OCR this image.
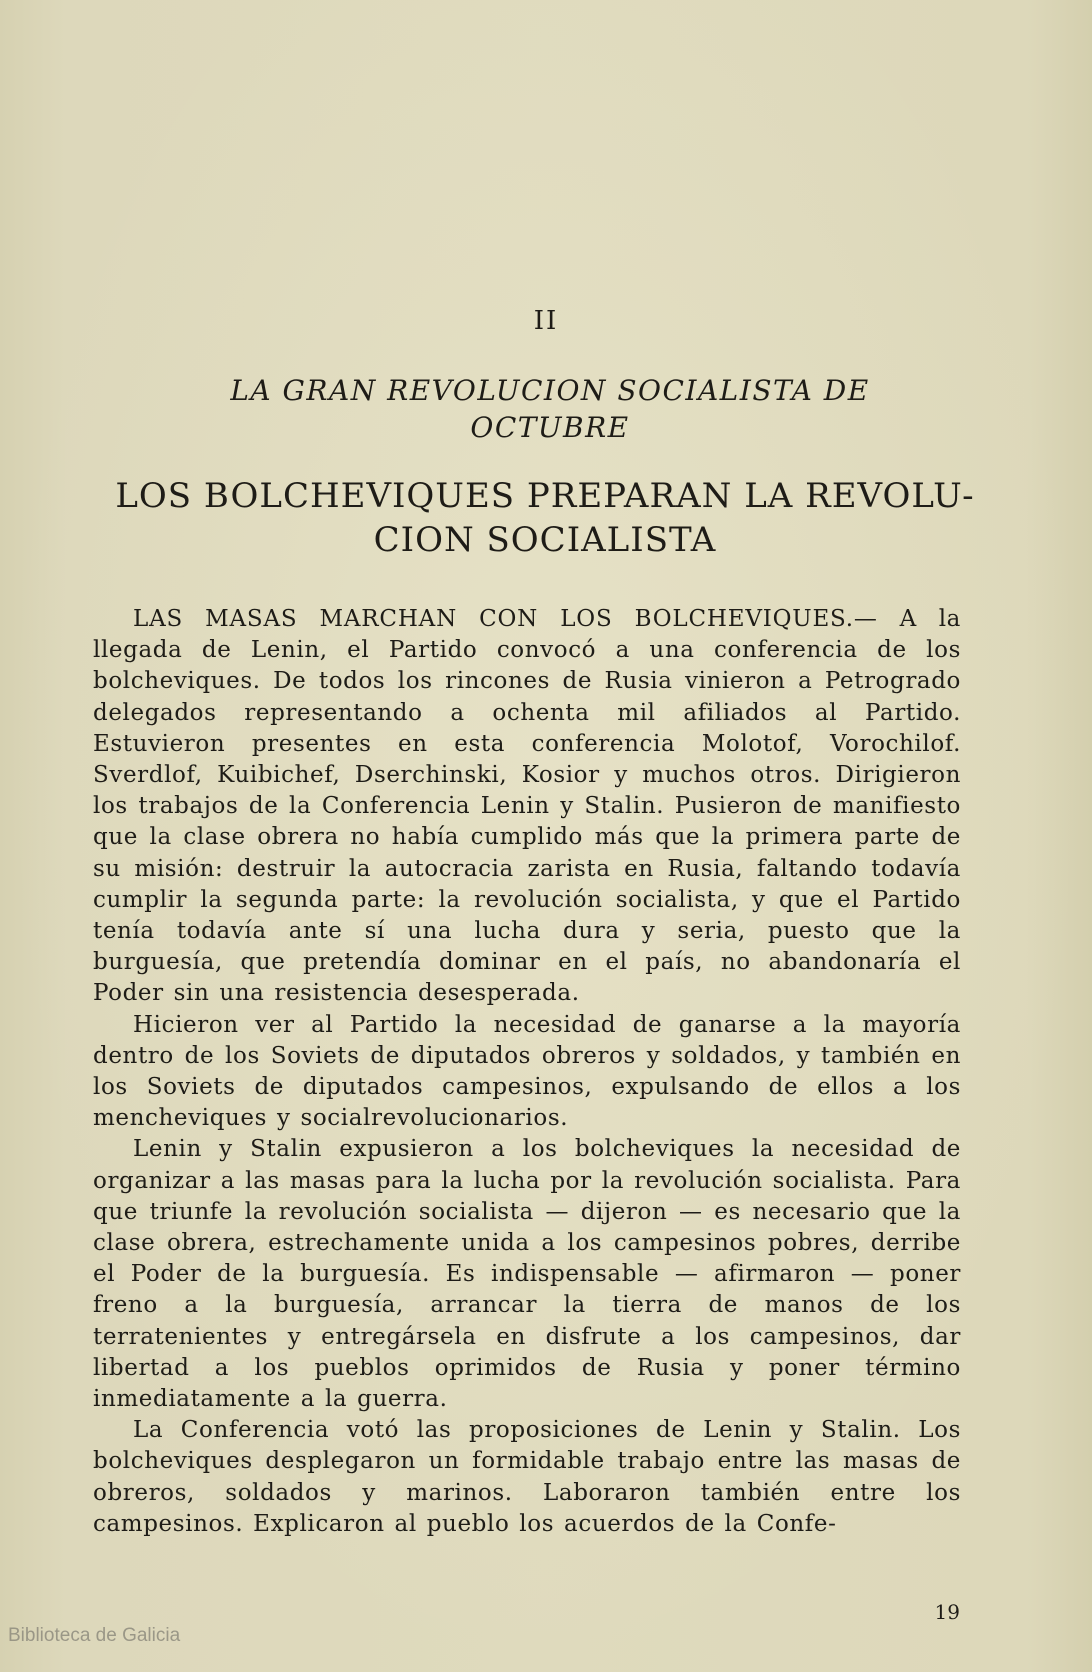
II
LA GRAN REVOLUCION SOCIALISTA DE
OCTUBRE
LOS BOLCHEVIQUES PREPARAN LA REVOLU-
CION SOCIALISTA

LAS MASAS MARCHAN CON LOS BOLCHEVIQUES.— A la llegada de Lenin, el Partido convocó a una conferencia de los bolcheviques. De todos los rincones de Rusia vinieron a Petrogrado delegados representando a ochenta mil afiliados al Partido. Estuvieron presentes en esta conferencia Molotof, Vorochilof. Sverdlof, Kuibichef, Dserchinski, Kosior y muchos otros. Dirigieron los trabajos de la Conferencia Lenin y Stalin. Pusieron de manifiesto que la clase obrera no había cumplido más que la primera parte de su misión: destruir la autocracia zarista en Rusia, faltando todavía cumplir la segunda parte: la revolución socialista, y que el Partido tenía todavía ante sí una lucha dura y seria, puesto que la burguesía, que pretendía dominar en el país, no abandonaría el Poder sin una resistencia desesperada.

Hicieron ver al Partido la necesidad de ganarse a la mayoría dentro de los Soviets de diputados obreros y soldados, y también en los Soviets de diputados campesinos, expulsando de ellos a los mencheviques y socialrevolucionarios.

Lenin y Stalin expusieron a los bolcheviques la necesidad de organizar a las masas para la lucha por la revolución socialista. Para que triunfe la revolución socialista — dijeron — es necesario que la clase obrera, estrechamente unida a los campesinos pobres, derribe el Poder de la burguesía. Es indispensable — afirmaron — poner freno a la burguesía, arrancar la tierra de manos de los terratenientes y entregársela en disfrute a los campesinos, dar libertad a los pueblos oprimidos de Rusia y poner término inmediatamente a la guerra.

La Conferencia votó las proposiciones de Lenin y Stalin. Los bolcheviques desplegaron un formidable trabajo entre las masas de obreros, soldados y marinos. Laboraron también entre los campesinos. Explicaron al pueblo los acuerdos de la Confe-

19
Biblioteca de Galicia
